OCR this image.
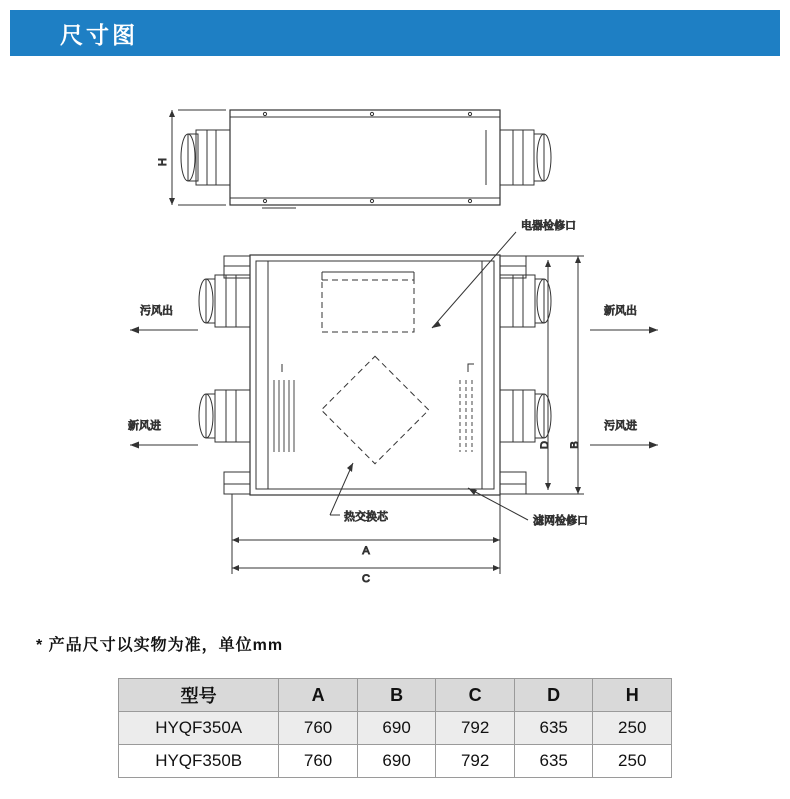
尺寸图
H
D B
A
C
电器检修口
滤网检修口
热交换芯
污风出
新风进
新风出
污风进
* 产品尺寸以实物为准，单位mm
型号	A	B	C	D	H
HYQF350A	760	690	792	635	250
HYQF350B	760	690	792	635	250
